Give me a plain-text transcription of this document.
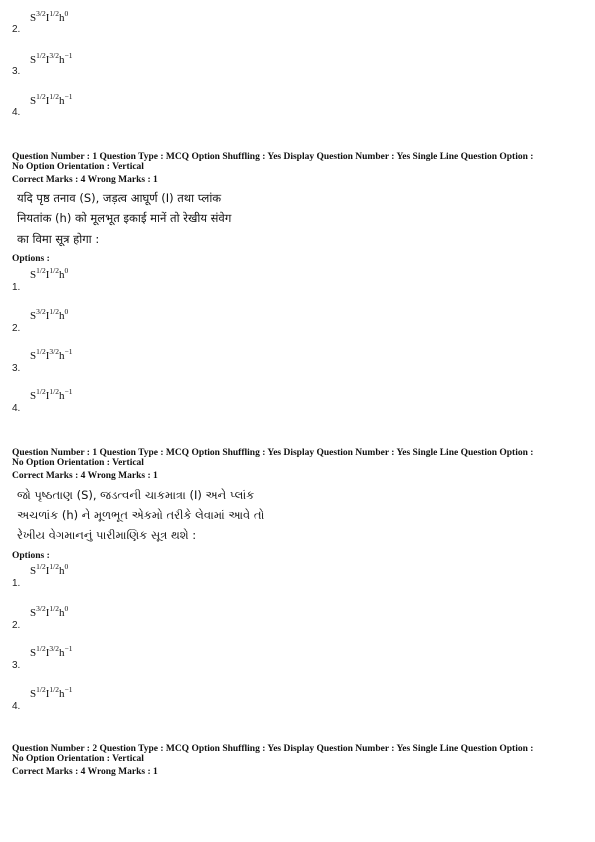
2.
$S^{3/2}I^{1/2}h^0$
3.
$S^{1/2}I^{3/2}h^{-1}$
4.
$S^{1/2}I^{1/2}h^{-1}$
Question Number : 1 Question Type : MCQ Option Shuffling : Yes Display Question Number : Yes Single Line Question Option :
No Option Orientation : Vertical
Correct Marks : 4 Wrong Marks : 1
यदि पृष्ठ तनाव (S), जड़त्व आघूर्ण (I) तथा प्लांक
नियतांक (h) को मूलभूत इकाई मानें तो रेखीय संवेग
का विमा सूत्र होगा :
Options :
1.
$S^{1/2}I^{1/2}h^0$
2.
$S^{3/2}I^{1/2}h^0$
3.
$S^{1/2}I^{3/2}h^{-1}$
4.
$S^{1/2}I^{1/2}h^{-1}$
Question Number : 1 Question Type : MCQ Option Shuffling : Yes Display Question Number : Yes Single Line Question Option :
No Option Orientation : Vertical
Correct Marks : 4 Wrong Marks : 1
જો પૃષ્ઠતાણ (S), જડત્વની ચાકમાત્રા (I) અને પ્લાંક
અચળાંક (h) ને મૂળભૂત એકમો તરીકે લેવામાં આવે તો
રેખીય વેગમાનનું પારીમાણિક સૂત્ર થશે :
Options :
1.
$S^{1/2}I^{1/2}h^0$
2.
$S^{3/2}I^{1/2}h^0$
3.
$S^{1/2}I^{3/2}h^{-1}$
4.
$S^{1/2}I^{1/2}h^{-1}$
Question Number : 2 Question Type : MCQ Option Shuffling : Yes Display Question Number : Yes Single Line Question Option :
No Option Orientation : Vertical
Correct Marks : 4 Wrong Marks : 1
